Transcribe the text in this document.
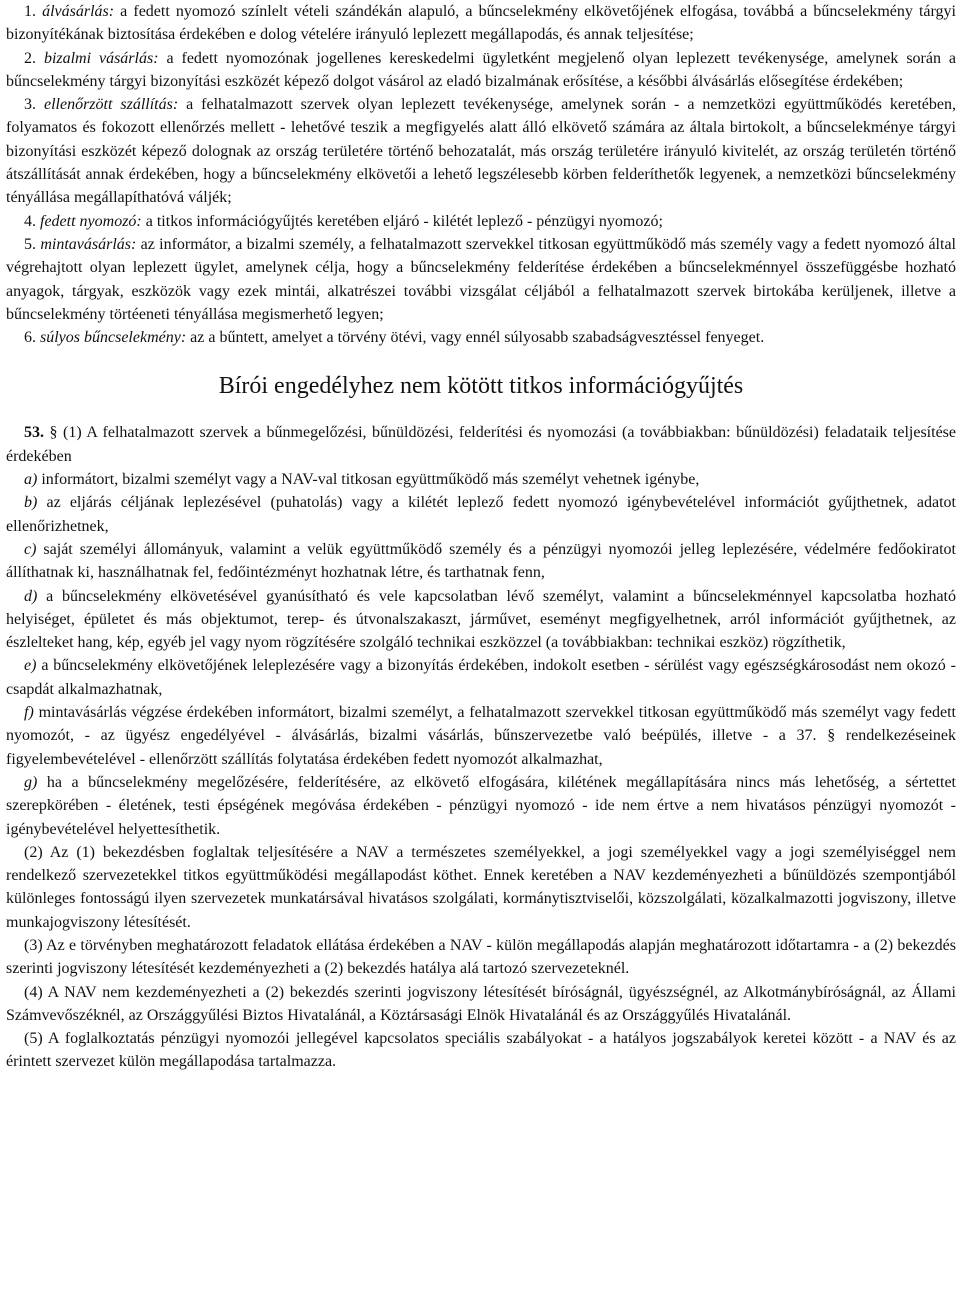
1. álvásárlás: a fedett nyomozó színlelt vételi szándékán alapuló, a bűncselekmény elkövetőjének elfogása, továbbá a bűncselekmény tárgyi bizonyítékának biztosítása érdekében e dolog vételére irányuló leplezett megállapodás, és annak teljesítése;

2. bizalmi vásárlás: a fedett nyomozónak jogellenes kereskedelmi ügyletként megjelenő olyan leplezett tevékenysége, amelynek során a bűncselekmény tárgyi bizonyítási eszközét képező dolgot vásárol az eladó bizalmának erősítése, a későbbi álvásárlás elősegítése érdekében;

3. ellenőrzött szállítás: a felhatalmazott szervek olyan leplezett tevékenysége, amelynek során - a nemzetközi együttműködés keretében, folyamatos és fokozott ellenőrzés mellett - lehetővé teszik a megfigyelés alatt álló elkövető számára az általa birtokolt, a bűncselekménye tárgyi bizonyítási eszközét képező dolognak az ország területére történő behozatalát, más ország területére irányuló kivitelét, az ország területén történő átszállítását annak érdekében, hogy a bűncselekmény elkövetői a lehető legszélesebb körben felderíthetők legyenek, a nemzetközi bűncselekmény tényállása megállapíthatóvá váljék;

4. fedett nyomozó: a titkos információgyűjtés keretében eljáró - kilétét leplező - pénzügyi nyomozó;

5. mintavásárlás: az informátor, a bizalmi személy, a felhatalmazott szervekkel titkosan együttműködő más személy vagy a fedett nyomozó által végrehajtott olyan leplezett ügylet, amelynek célja, hogy a bűncselekmény felderítése érdekében a bűncselekménnyel összefüggésbe hozható anyagok, tárgyak, eszközök vagy ezek mintái, alkatrészei további vizsgálat céljából a felhatalmazott szervek birtokába kerüljenek, illetve a bűncselekmény törtéeneti tényállása megismerhető legyen;

6. súlyos bűncselekmény: az a bűntett, amelyet a törvény ötévi, vagy ennél súlyosabb szabadságvesztéssel fenyeget.

Bírói engedélyhez nem kötött titkos információgyűjtés

53. § (1) A felhatalmazott szervek a bűnmegelőzési, bűnüldözési, felderítési és nyomozási (a továbbiakban: bűnüldözési) feladataik teljesítése érdekében

a) informátort, bizalmi személyt vagy a NAV-val titkosan együttműködő más személyt vehetnek igénybe,

b) az eljárás céljának leplezésével (puhatolás) vagy a kilétét leplező fedett nyomozó igénybevételével információt gyűjthetnek, adatot ellenőrizhetnek,

c) saját személyi állományuk, valamint a velük együttműködő személy és a pénzügyi nyomozói jelleg leplezésére, védelmére fedőokiratot állíthatnak ki, használhatnak fel, fedőintézményt hozhatnak létre, és tarthatnak fenn,

d) a bűncselekmény elkövetésével gyanúsítható és vele kapcsolatban lévő személyt, valamint a bűncselekménnyel kapcsolatba hozható helyiséget, épületet és más objektumot, terep- és útvonalszakaszt, járművet, eseményt megfigyelhetnek, arról információt gyűjthetnek, az észlelteket hang, kép, egyéb jel vagy nyom rögzítésére szolgáló technikai eszközzel (a továbbiakban: technikai eszköz) rögzíthetik,

e) a bűncselekmény elkövetőjének leleplezésére vagy a bizonyítás érdekében, indokolt esetben - sérülést vagy egészségkárosodást nem okozó - csapdát alkalmazhatnak,

f) mintavásárlás végzése érdekében informátort, bizalmi személyt, a felhatalmazott szervekkel titkosan együttműködő más személyt vagy fedett nyomozót, - az ügyész engedélyével - álvásárlás, bizalmi vásárlás, bűnszervezetbe való beépülés, illetve - a 37. § rendelkezéseinek figyelembevételével - ellenőrzött szállítás folytatása érdekében fedett nyomozót alkalmazhat,

g) ha a bűncselekmény megelőzésére, felderítésére, az elkövető elfogására, kilétének megállapítására nincs más lehetőség, a sértettet szerepkörében - életének, testi épségének megóvása érdekében - pénzügyi nyomozó - ide nem értve a nem hivatásos pénzügyi nyomozót - igénybevételével helyettesíthetik.

(2) Az (1) bekezdésben foglaltak teljesítésére a NAV a természetes személyekkel, a jogi személyekkel vagy a jogi személyiséggel nem rendelkező szervezetekkel titkos együttműködési megállapodást köthet. Ennek keretében a NAV kezdeményezheti a bűnüldözés szempontjából különleges fontosságú ilyen szervezetek munkatársával hivatásos szolgálati, kormánytisztviselői, közszolgálati, közalkalmazotti jogviszony, illetve munkajogviszony létesítését.

(3) Az e törvényben meghatározott feladatok ellátása érdekében a NAV - külön megállapodás alapján meghatározott időtartamra - a (2) bekezdés szerinti jogviszony létesítését kezdeményezheti a (2) bekezdés hatálya alá tartozó szervezeteknél.

(4) A NAV nem kezdeményezheti a (2) bekezdés szerinti jogviszony létesítését bíróságnál, ügyészségnél, az Alkotmánybíróságnál, az Állami Számvevőszéknél, az Országgyűlési Biztos Hivatalánál, a Köztársasági Elnök Hivatalánál és az Országgyűlés Hivatalánál.

(5) A foglalkoztatás pénzügyi nyomozói jellegével kapcsolatos speciális szabályokat - a hatályos jogszabályok keretei között - a NAV és az érintett szervezet külön megállapodása tartalmazza.
